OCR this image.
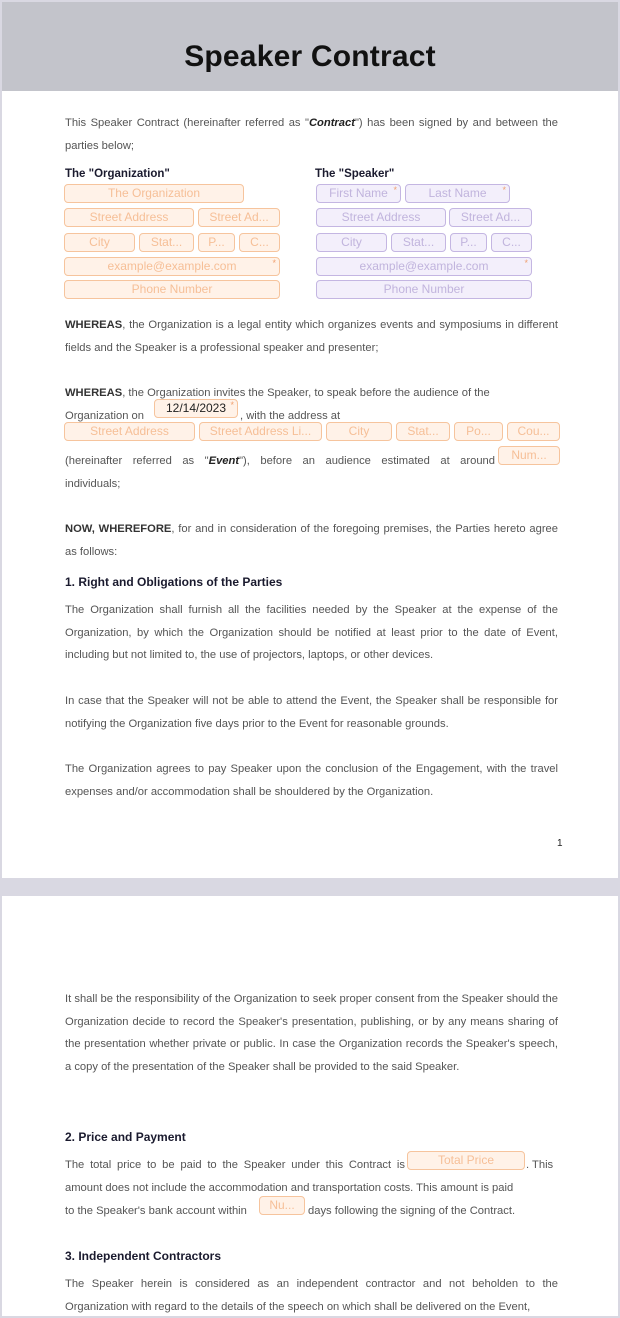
Speaker Contract
This Speaker Contract (hereinafter referred as "Contract") has been signed by and between the parties below;
The "Organization"
The Organization
Street Address	Street Ad...
City	Stat...	P...	C...
example@example.com	*
Phone Number
The "Speaker"
First Name *	Last Name *
Street Address	Street Ad...
City	Stat...	P...	C...
example@example.com	*
Phone Number
WHEREAS, the Organization is a legal entity which organizes events and symposiums in different fields and the Speaker is a professional speaker and presenter;
WHEREAS, the Organization invites the Speaker, to speak before the audience of the
Organization on
12/14/2023 *
, with the address at
Street Address	Street Address Li...	City	Stat...	Po...	Cou...
(hereinafter referred as "Event"), before an audience estimated at around	Num...
individuals;
NOW, WHEREFORE, for and in consideration of the foregoing premises, the Parties hereto agree as follows:
1. Right and Obligations of the Parties
The Organization shall furnish all the facilities needed by the Speaker at the expense of the Organization, by which the Organization should be notified at least prior to the date of Event, including but not limited to, the use of projectors, laptops, or other devices.
In case that the Speaker will not be able to attend the Event, the Speaker shall be responsible for notifying the Organization five days prior to the Event for reasonable grounds.
The Organization agrees to pay Speaker upon the conclusion of the Engagement, with the travel expenses and/or accommodation shall be shouldered by the Organization.
1
It shall be the responsibility of the Organization to seek proper consent from the Speaker should the Organization decide to record the Speaker's presentation, publishing, or by any means sharing of the presentation whether private or public. In case the Organization records the Speaker's speech, a copy of the presentation of the Speaker shall be provided to the said Speaker.
2. Price and Payment
The total price to be paid to the Speaker under this Contract is	Total Price	. This
amount does not include the accommodation and transportation costs. This amount is paid
to the Speaker's bank account within	Nu...	days following the signing of the Contract.
3. Independent Contractors
The Speaker herein is considered as an independent contractor and not beholden to the Organization with regard to the details of the speech on which shall be delivered on the Event,
